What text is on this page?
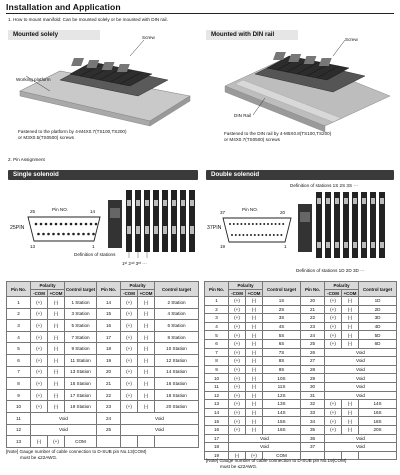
Installation and Application
1. How to mount manifold: Can be mounted solely or be mounted with DIN rail.
Mounted solely	Screw
Working platform
Fastened to the platform by 4-M4X0.7(TS100,TS200)
or M3X0.5(TS0500) screws
Mounted with DIN rail
Screw
DIN Rail
Fastened to the DIN rail by 4-M5X0.8(TS100,TS200)
or M4X0.7(TS0500) screws
2. Pin Assignment
Single solenoid	Double solenoid
Pin NO.
25	14
13	1
25PIN
Definition of stations
1ˢᵗ 2ⁿᵈ 3ʳᵈ ···
Definition of stations 1S 2S 3S ···
Pin NO.
37	20
19	1
37PIN
Definition of stations 1D 2D 3D ···
Pin No.	Polarity		Control target	Pin No.	Polarity		Control target
	-COM	+COM			-COM	+COM	
1	(+)	(-)	1 Station	14	(+)	(-)	2 Station
2	(+)	(-)	3 Station	15	(+)	(-)	4 Station
3	(+)	(-)	5 Station	16	(+)	(-)	6 Station
4	(+)	(-)	7 Station	17	(+)	(-)	8 Station
5	(+)	(-)	9 Station	18	(+)	(-)	10 Station
6	(+)	(-)	11 Station	19	(+)	(-)	12 Station
7	(+)	(-)	13 Station	20	(+)	(-)	14 Station
8	(+)	(-)	15 Station	21	(+)	(-)	16 Station
9	(+)	(-)	17 Station	22	(+)	(-)	18 Station
10	(+)	(-)	19 Station	23	(+)	(-)	20 Station
11	Void			24	Void		
12	Void			25	Void		
13	(-)	(+)	COM				
[Note] Gauge number of cable connection to D-SUB pin No.13(COM)
must be ≤22AWG.
Pin No.	Polarity		Control target	Pin No.	Polarity		Control target
	-COM	+COM			-COM	+COM	
1	(+)	(-)	1S	20	(+)	(-)	1D
2	(+)	(-)	2S	21	(+)	(-)	2D
3	(+)	(-)	3S	22	(+)	(-)	3D
4	(+)	(-)	4S	23	(+)	(-)	4D
5	(+)	(-)	5S	24	(+)	(-)	5D
6	(+)	(-)	6S	25	(+)	(-)	6D
7	(+)	(-)	7S	26	Void		
8	(+)	(-)	8S	27	Void		
9	(+)	(-)	9S	28	Void		
10	(+)	(-)	10S	29	Void		
11	(+)	(-)	11S	30	Void		
12	(+)	(-)	12S	31	Void		
13	(+)	(-)	13S	32	(+)	(-)	14S
14	(+)	(-)	14S	33	(+)	(-)	16S
15	(+)	(-)	15S	34	(+)	(-)	18S
16	(+)	(-)	16S	35	(+)	(-)	20S
17	Void			36	Void		
18	Void			37	Void		
19	(-)	(+)	COM				
[Note] Gauge number of cable connection to D-SUB pin No.19(COM)
must be ≤22AWG.
